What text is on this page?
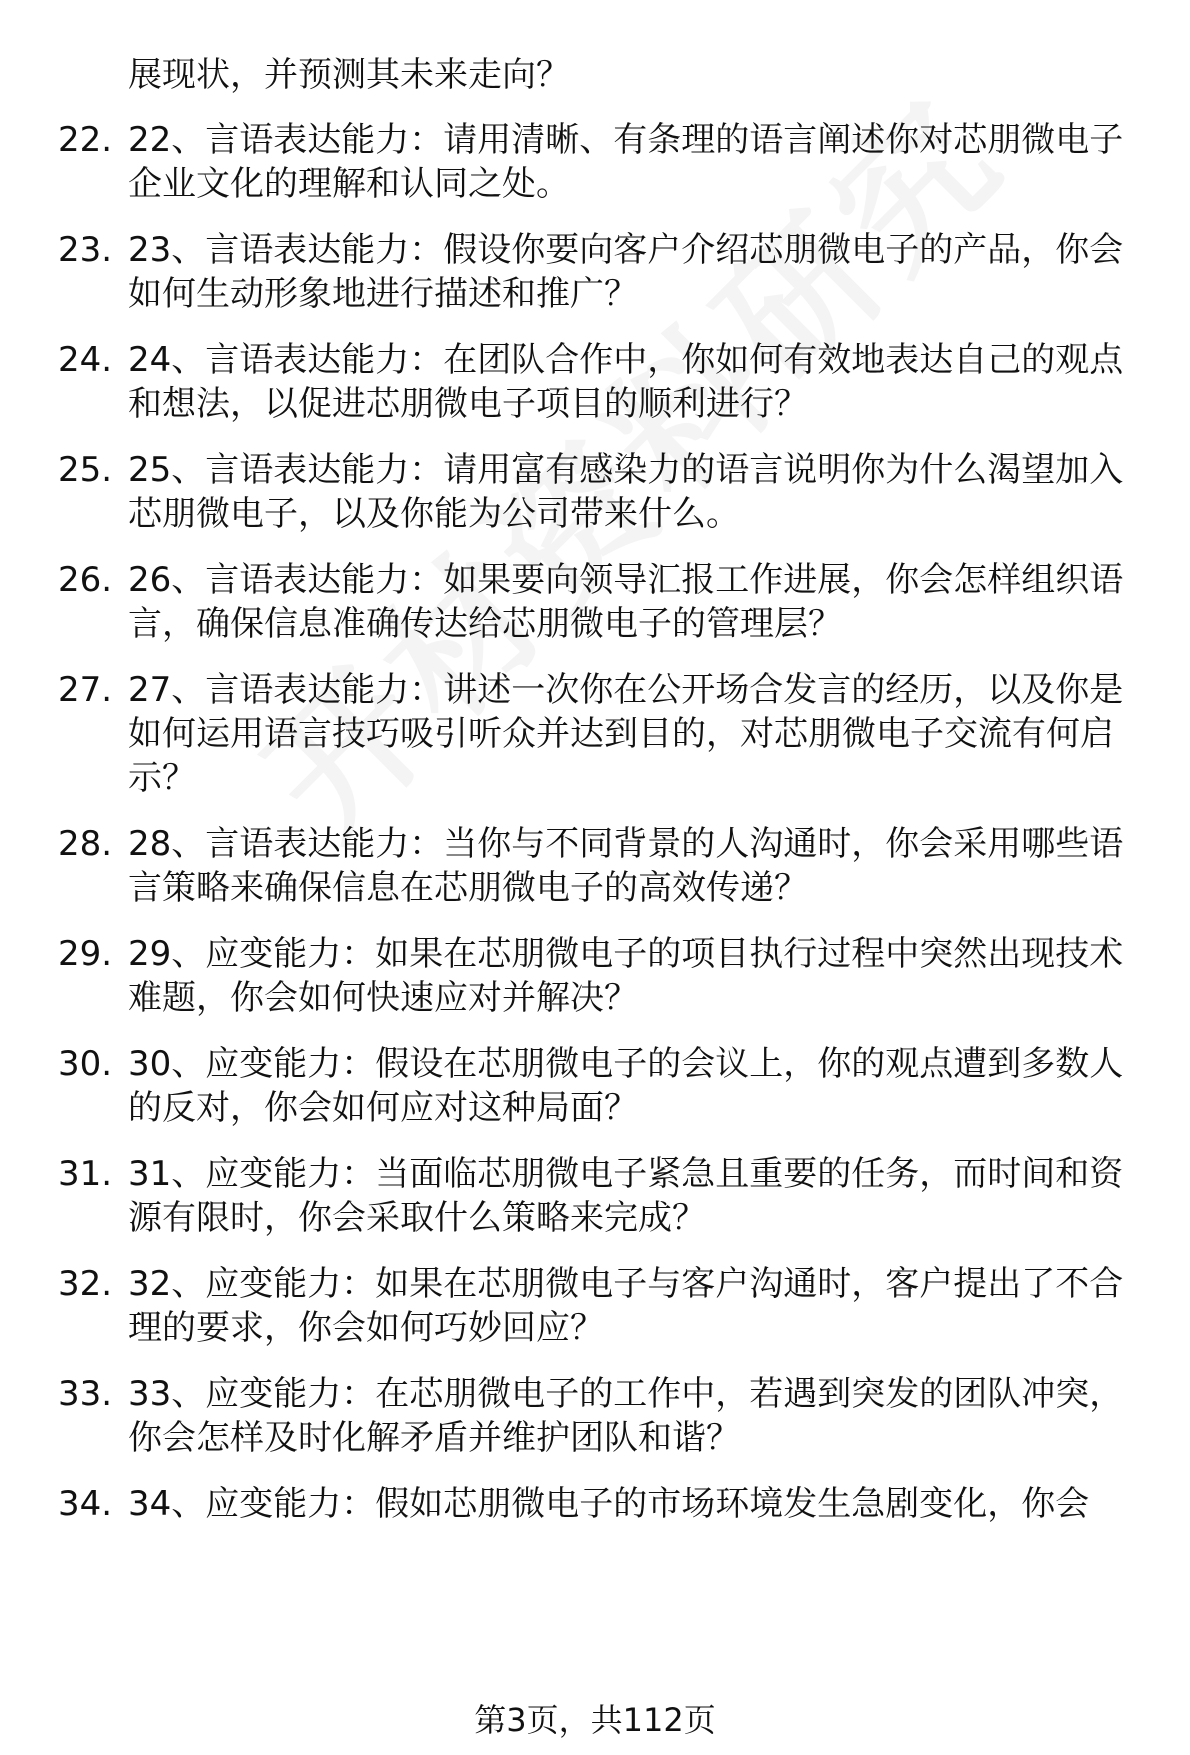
展现状，并预测其未来走向？
22. 22、言语表达能力：请用清晰、有条理的语言阐述你对芯朋微电子企业文化的理解和认同之处。
23. 23、言语表达能力：假设你要向客户介绍芯朋微电子的产品，你会如何生动形象地进行描述和推广？
24. 24、言语表达能力：在团队合作中，你如何有效地表达自己的观点和想法，以促进芯朋微电子项目的顺利进行？
25. 25、言语表达能力：请用富有感染力的语言说明你为什么渴望加入芯朋微电子，以及你能为公司带来什么。
26. 26、言语表达能力：如果要向领导汇报工作进展，你会怎样组织语言，确保信息准确传达给芯朋微电子的管理层？
27. 27、言语表达能力：讲述一次你在公开场合发言的经历，以及你是如何运用语言技巧吸引听众并达到目的，对芯朋微电子交流有何启示？
28. 28、言语表达能力：当你与不同背景的人沟通时，你会采用哪些语言策略来确保信息在芯朋微电子的高效传递？
29. 29、应变能力：如果在芯朋微电子的项目执行过程中突然出现技术难题，你会如何快速应对并解决？
30. 30、应变能力：假设在芯朋微电子的会议上，你的观点遭到多数人的反对，你会如何应对这种局面？
31. 31、应变能力：当面临芯朋微电子紧急且重要的任务，而时间和资源有限时，你会采取什么策略来完成？
32. 32、应变能力：如果在芯朋微电子与客户沟通时，客户提出了不合理的要求，你会如何巧妙回应？
33. 33、应变能力：在芯朋微电子的工作中，若遇到突发的团队冲突，你会怎样及时化解矛盾并维护团队和谐？
34. 34、应变能力：假如芯朋微电子的市场环境发生急剧变化，你会
第3页，共112页
